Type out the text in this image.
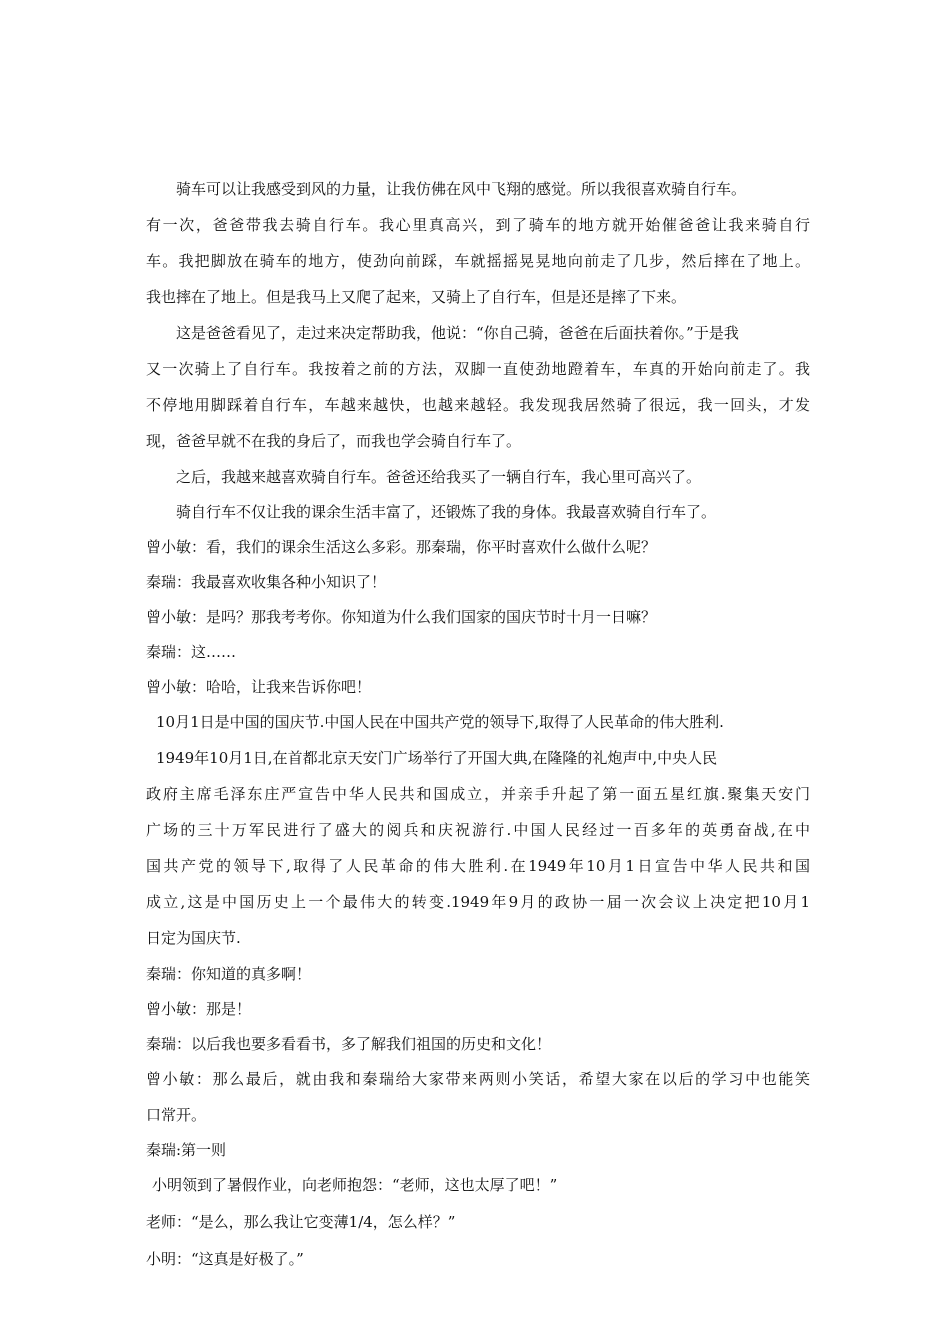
骑车可以让我感受到风的力量，让我仿佛在风中飞翔的感觉。所以我很喜欢骑自行车。
有一次，爸爸带我去骑自行车。我心里真高兴，到了骑车的地方就开始催爸爸让我来骑自行
车。我把脚放在骑车的地方，使劲向前踩，车就摇摇晃晃地向前走了几步，然后摔在了地上。
我也摔在了地上。但是我马上又爬了起来，又骑上了自行车，但是还是摔了下来。
这是爸爸看见了，走过来决定帮助我，他说：“你自己骑，爸爸在后面扶着你。”于是我
又一次骑上了自行车。我按着之前的方法，双脚一直使劲地蹬着车，车真的开始向前走了。我
不停地用脚踩着自行车，车越来越快，也越来越轻。我发现我居然骑了很远，我一回头，才发
现，爸爸早就不在我的身后了，而我也学会骑自行车了。
之后，我越来越喜欢骑自行车。爸爸还给我买了一辆自行车，我心里可高兴了。
骑自行车不仅让我的课余生活丰富了，还锻炼了我的身体。我最喜欢骑自行车了。
曾小敏：看，我们的课余生活这么多彩。那秦瑞，你平时喜欢什么做什么呢？
秦瑞：我最喜欢收集各种小知识了！
曾小敏：是吗？那我考考你。你知道为什么我们国家的国庆节时十月一日嘛？
秦瑞：这……
曾小敏：哈哈，让我来告诉你吧！
10月1日是中国的国庆节.中国人民在中国共产党的领导下,取得了人民革命的伟大胜利.
1949年10月1日,在首都北京天安门广场举行了开国大典,在隆隆的礼炮声中,中央人民
政府主席毛泽东庄严宣告中华人民共和国成立，并亲手升起了第一面五星红旗.聚集天安门
广场的三十万军民进行了盛大的阅兵和庆祝游行.中国人民经过一百多年的英勇奋战,在中
国共产党的领导下,取得了人民革命的伟大胜利.在1949年10月1日宣告中华人民共和国
成立,这是中国历史上一个最伟大的转变.1949年9月的政协一届一次会议上决定把10月1
日定为国庆节.
秦瑞：你知道的真多啊！
曾小敏：那是！
秦瑞：以后我也要多看看书，多了解我们祖国的历史和文化！
曾小敏：那么最后，就由我和秦瑞给大家带来两则小笑话，希望大家在以后的学习中也能笑
口常开。
秦瑞:第一则
小明领到了暑假作业，向老师抱怨：“老师，这也太厚了吧！”
老师：“是么，那么我让它变薄1/4，怎么样？”
小明：“这真是好极了。”
